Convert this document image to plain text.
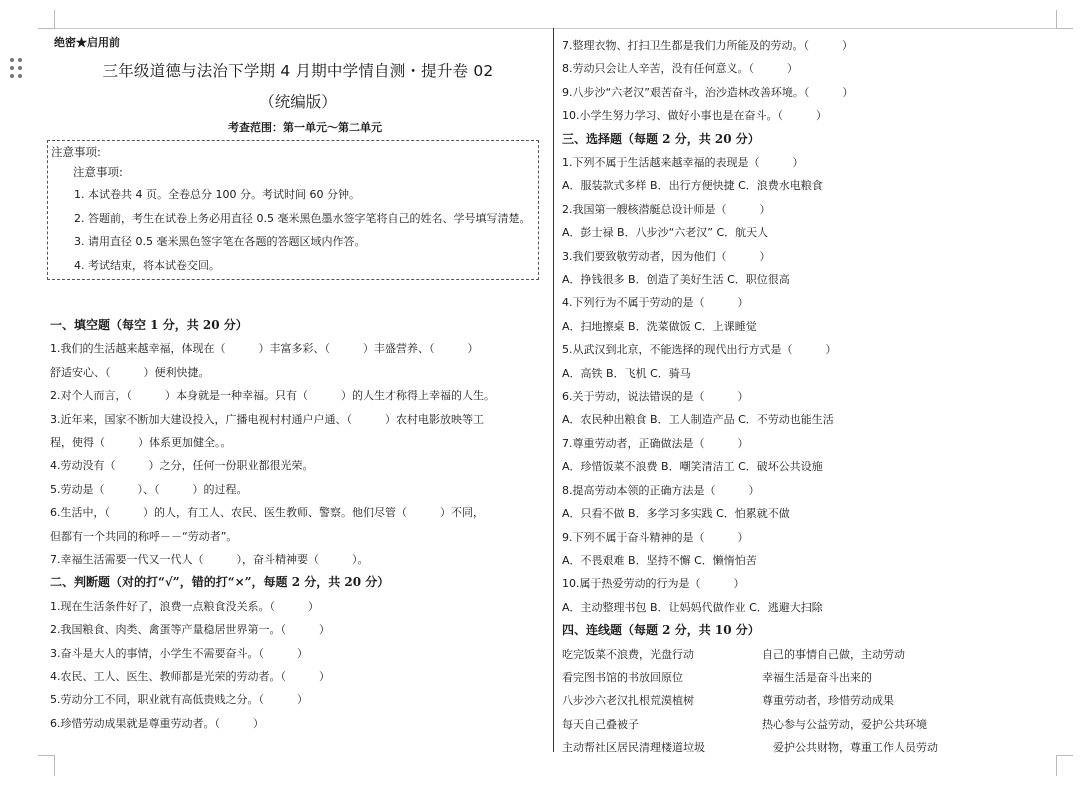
绝密★启用前
三年级道德与法治下学期 4 月期中学情自测・提升卷 02
（统编版）
考查范围：第一单元～第二单元
注意事项:
注意事项:
1. 本试卷共 4 页。全卷总分 100 分。考试时间 60 分钟。
2. 答题前，考生在试卷上务必用直径 0.5 毫米黑色墨水签字笔将自己的姓名、学号填写清楚。
3. 请用直径 0.5 毫米黑色签字笔在各题的答题区域内作答。
4. 考试结束，将本试卷交回。
一、填空题（每空 1 分，共 20 分）
1.我们的生活越来越幸福，体现在（　　　）丰富多彩、（　　　）丰盛营养、（　　　）
舒适安心、（　　　）便利快捷。
2.对个人而言，（　　　）本身就是一种幸福。只有（　　　）的人生才称得上幸福的人生。
3.近年来，国家不断加大建设投入，广播电视村村通户户通、（　　　）农村电影放映等工
程，使得（　　　）体系更加健全。。
4.劳动没有（　　　）之分，任何一份职业都很光荣。
5.劳动是（　　　）、（　　　）的过程。
6.生活中，（　　　）的人，有工人、农民、医生教师、警察。他们尽管（　　　）不同，
但都有一个共同的称呼－－“劳动者”。
7.幸福生活需要一代又一代人（　　　），奋斗精神要（　　　）。
二、判断题（对的打“√”，错的打“×”，每题 2 分，共 20 分）
1.现在生活条件好了，浪费一点粮食没关系。（　　　）
2.我国粮食、肉类、禽蛋等产量稳居世界第一。（　　　）
3.奋斗是大人的事情，小学生不需要奋斗。（　　　）
4.农民、工人、医生、教师都是光荣的劳动者。（　　　）
5.劳动分工不同，职业就有高低贵贱之分。（　　　）
6.珍惜劳动成果就是尊重劳动者。（　　　）
7.整理衣物、打扫卫生都是我们力所能及的劳动。（　　　）
8.劳动只会让人辛苦，没有任何意义。（　　　）
9.八步沙“六老汉”艰苦奋斗，治沙造林改善环境。（　　　）
10.小学生努力学习、做好小事也是在奋斗。（　　　）
三、选择题（每题 2 分，共 20 分）
1.下列不属于生活越来越幸福的表现是（　　　）
A．服装款式多样 B．出行方便快捷 C．浪费水电粮食
2.我国第一艘核潜艇总设计师是（　　　）
A．彭士禄 B．八步沙“六老汉” C．航天人
3.我们要致敬劳动者，因为他们（　　　）
A．挣钱很多 B．创造了美好生活 C．职位很高
4.下列行为不属于劳动的是（　　　）
A．扫地擦桌 B．洗菜做饭 C．上课睡觉
5.从武汉到北京，不能选择的现代出行方式是（　　　）
A．高铁 B．飞机 C．骑马
6.关于劳动，说法错误的是（　　　）
A．农民种出粮食 B．工人制造产品 C．不劳动也能生活
7.尊重劳动者，正确做法是（　　　）
A．珍惜饭菜不浪费 B．嘲笑清洁工 C．破坏公共设施
8.提高劳动本领的正确方法是（　　　）
A．只看不做 B．多学习多实践 C．怕累就不做
9.下列不属于奋斗精神的是（　　　）
A．不畏艰难 B．坚持不懈 C．懒惰怕苦
10.属于热爱劳动的行为是（　　　）
A．主动整理书包 B．让妈妈代做作业 C．逃避大扫除
四、连线题（每题 2 分，共 10 分）
吃完饭菜不浪费，光盘行动	自己的事情自己做，主动劳动
看完图书馆的书放回原位	幸福生活是奋斗出来的
八步沙六老汉扎根荒漠植树	尊重劳动者，珍惜劳动成果
每天自己叠被子	热心参与公益劳动，爱护公共环境
主动帮社区居民清理楼道垃圾	　爱护公共财物，尊重工作人员劳动
